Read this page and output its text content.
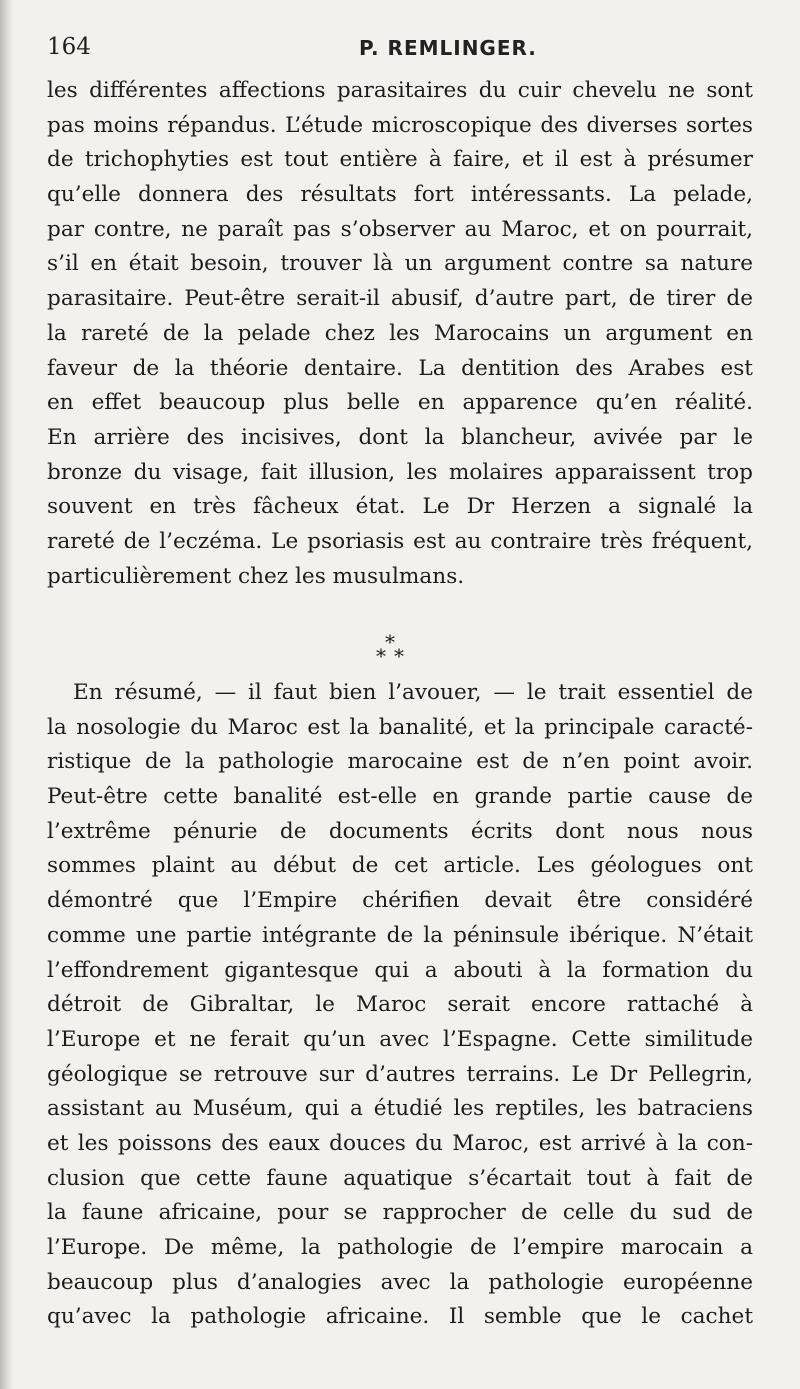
164	P. REMLINGER.
les différentes affections parasitaires du cuir chevelu ne sont
pas moins répandus. L’étude microscopique des diverses sortes
de trichophyties est tout entière à faire, et il est à présumer
qu’elle donnera des résultats fort intéressants. La pelade,
par contre, ne paraît pas s’observer au Maroc, et on pourrait,
s’il en était besoin, trouver là un argument contre sa nature
parasitaire. Peut-être serait-il abusif, d’autre part, de tirer de
la rareté de la pelade chez les Marocains un argument en
faveur de la théorie dentaire. La dentition des Arabes est
en effet beaucoup plus belle en apparence qu’en réalité.
En arrière des incisives, dont la blancheur, avivée par le
bronze du visage, fait illusion, les molaires apparaissent trop
souvent en très fâcheux état. Le Dr Herzen a signalé la
rareté de l’eczéma. Le psoriasis est au contraire très fréquent,
particulièrement chez les musulmans.
*
* *
En résumé, — il faut bien l’avouer, — le trait essentiel de
la nosologie du Maroc est la banalité, et la principale caracté-
ristique de la pathologie marocaine est de n’en point avoir.
Peut-être cette banalité est-elle en grande partie cause de
l’extrême pénurie de documents écrits dont nous nous
sommes plaint au début de cet article. Les géologues ont
démontré que l’Empire chérifien devait être considéré
comme une partie intégrante de la péninsule ibérique. N’était
l’effondrement gigantesque qui a abouti à la formation du
détroit de Gibraltar, le Maroc serait encore rattaché à
l’Europe et ne ferait qu’un avec l’Espagne. Cette similitude
géologique se retrouve sur d’autres terrains. Le Dr Pellegrin,
assistant au Muséum, qui a étudié les reptiles, les batraciens
et les poissons des eaux douces du Maroc, est arrivé à la con-
clusion que cette faune aquatique s’écartait tout à fait de
la faune africaine, pour se rapprocher de celle du sud de
l’Europe. De même, la pathologie de l’empire marocain a
beaucoup plus d’analogies avec la pathologie européenne
qu’avec la pathologie africaine. Il semble que le cachet
